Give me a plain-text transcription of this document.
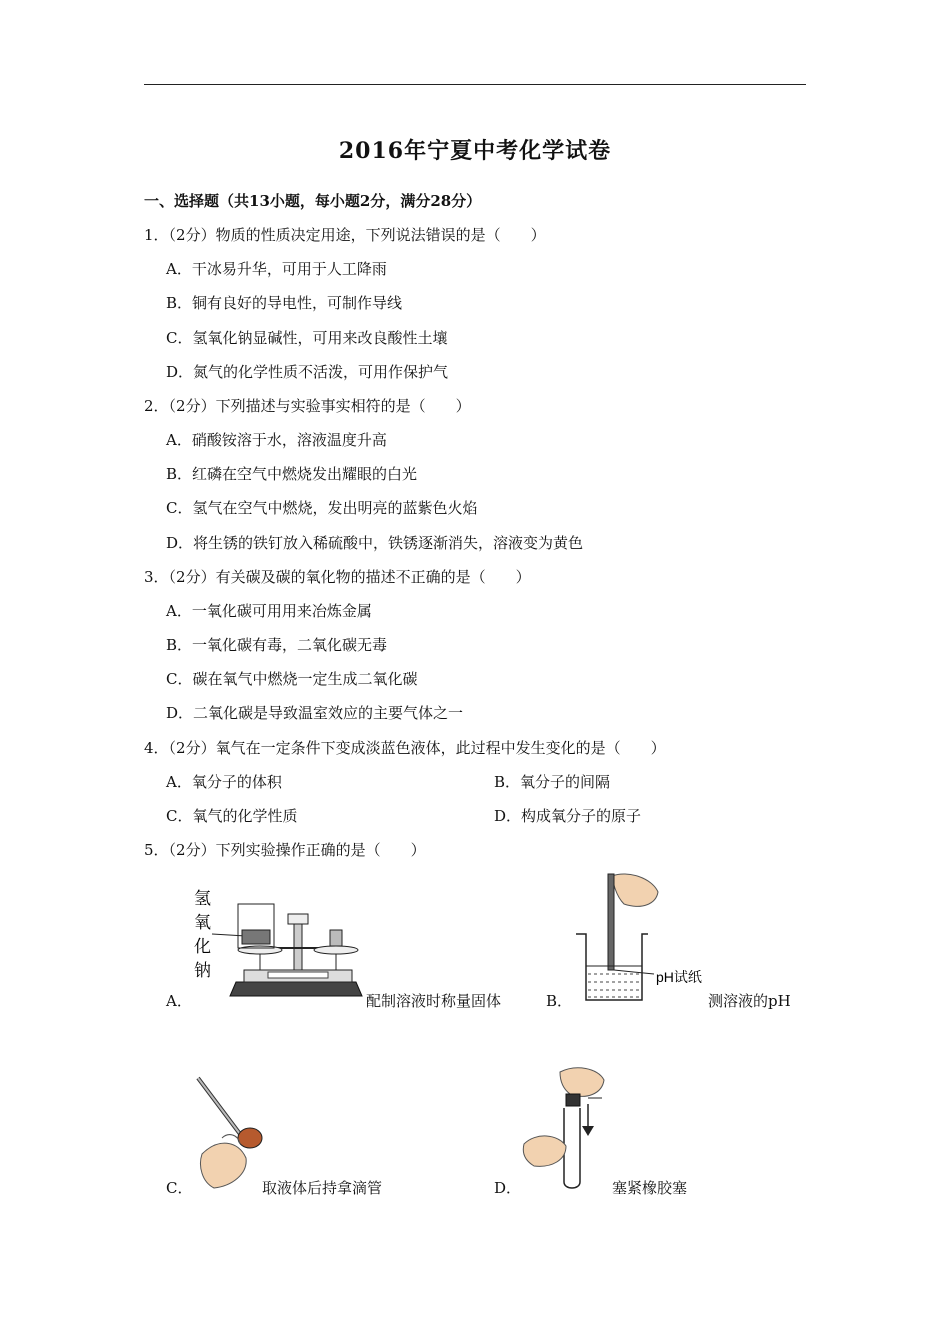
2016年宁夏中考化学试卷
一、选择题（共13小题，每小题2分，满分28分）
1．（2分）物质的性质决定用途，下列说法错误的是（　　）
A．干冰易升华，可用于人工降雨
B．铜有良好的导电性，可制作导线
C．氢氧化钠显碱性，可用来改良酸性土壤
D．氮气的化学性质不活泼，可用作保护气
2．（2分）下列描述与实验事实相符的是（　　）
A．硝酸铵溶于水，溶液温度升高
B．红磷在空气中燃烧发出耀眼的白光
C．氢气在空气中燃烧，发出明亮的蓝紫色火焰
D．将生锈的铁钉放入稀硫酸中，铁锈逐渐消失，溶液变为黄色
3．（2分）有关碳及碳的氧化物的描述不正确的是（　　）
A．一氧化碳可用用来冶炼金属
B．一氧化碳有毒，二氧化碳无毒
C．碳在氧气中燃烧一定生成二氧化碳
D．二氧化碳是导致温室效应的主要气体之一
4．（2分）氧气在一定条件下变成淡蓝色液体，此过程中发生变化的是（　　）
A．氧分子的体积	B．氧分子的间隔
C．氧气的化学性质	D．构成氧分子的原子
5．（2分）下列实验操作正确的是（　　）
A．
氢
氧
化
钠
配制溶液时称量固体	B．
pH试纸
测溶液的pH
C．	取液体后持拿滴管	D．	塞紧橡胶塞
